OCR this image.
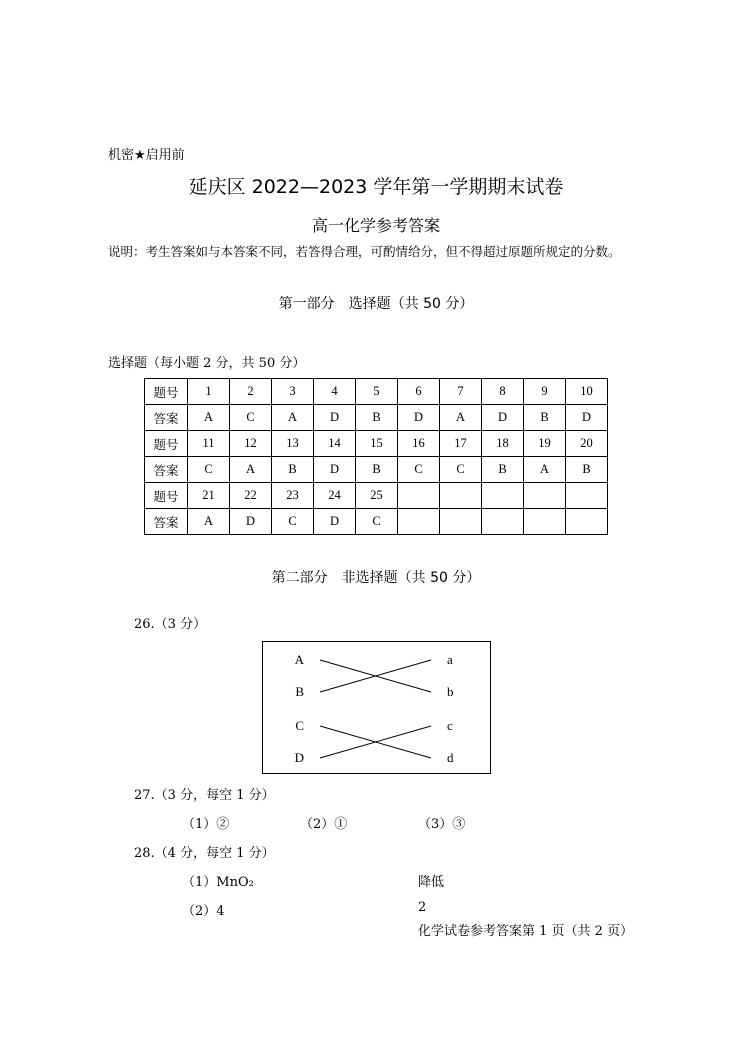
机密★启用前
延庆区 2022—2023 学年第一学期期末试卷
高一化学参考答案
说明：考生答案如与本答案不同，若答得合理，可酌情给分，但不得超过原题所规定的分数。
第一部分　选择题（共 50 分）
选择题（每小题 2 分，共 50 分）
题号	1	2	3	4	5	6	7	8	9	10
答案	A	C	A	D	B	D	A	D	B	D
题号	11	12	13	14	15	16	17	18	19	20
答案	C	A	B	D	B	C	C	B	A	B
题号	21	22	23	24	25					
答案	A	D	C	D	C					
第二部分　非选择题（共 50 分）
26.（3 分）
A
B
C
D
a
b
c
d
27.（3 分，每空 1 分）
（1）②	（2）①	（3）③
28.（4 分，每空 1 分）
（1）MnO₂	降低
（2）4	2
化学试卷参考答案第 1 页（共 2 页）
